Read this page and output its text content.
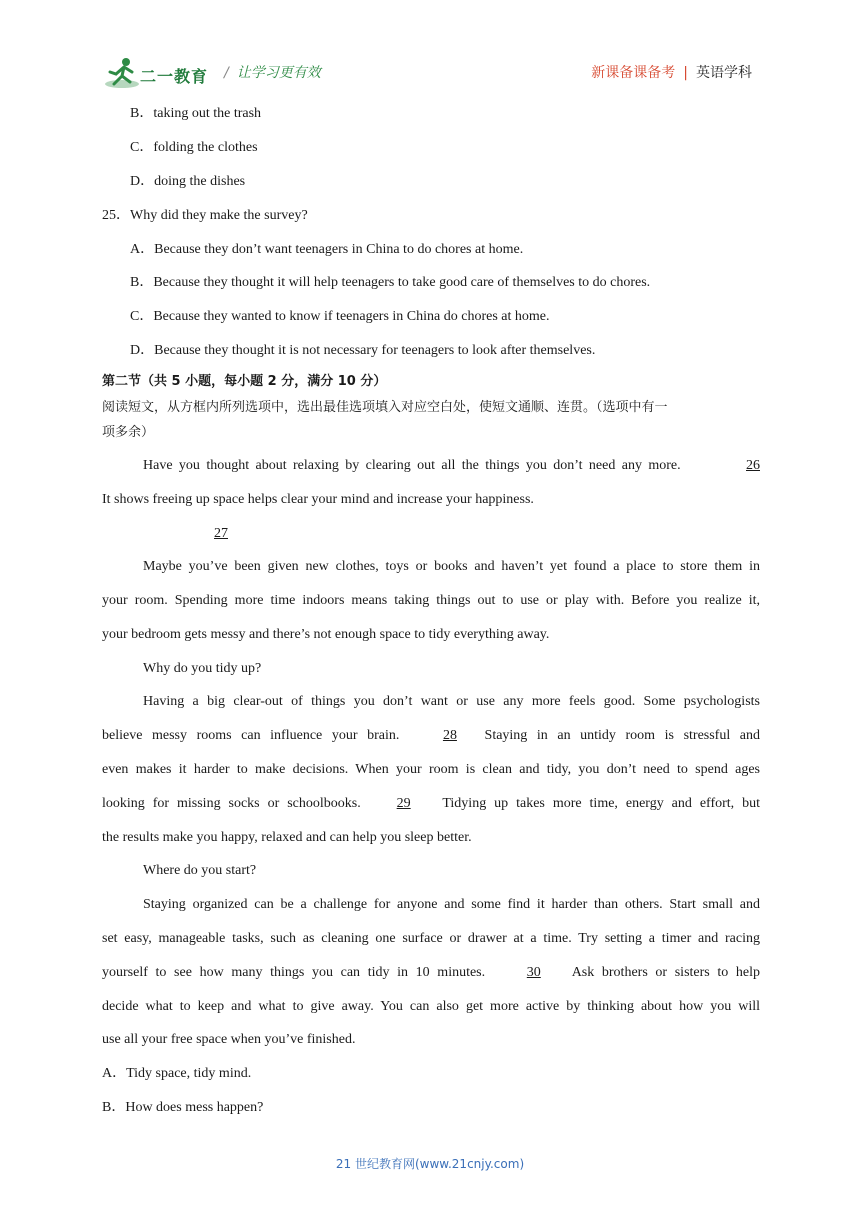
二一教育 / 让学习更有效	新课备课备考 | 英语学科
B．taking out the trash
C．folding the clothes
D．doing the dishes
25．Why did they make the survey?
A．Because they don’t want teenagers in China to do chores at home.
B．Because they thought it will help teenagers to take good care of themselves to do chores.
C．Because they wanted to know if teenagers in China do chores at home.
D．Because they thought it is not necessary for teenagers to look after themselves.
第二节（共 5 小题，每小题 2 分，满分 10 分）
阅读短文，从方框内所列选项中，选出最佳选项填入对应空白处，使短文通顺、连贯。（选项中有一
项多余）
Have you thought about relaxing by clearing out all the things you don’t need any more.	26
It shows freeing up space helps clear your mind and increase your happiness.
27
Maybe you’ve been given new clothes, toys or books and haven’t yet found a place to store them in
your room. Spending more time indoors means taking things out to use or play with. Before you realize it,
your bedroom gets messy and there’s not enough space to tidy everything away.
Why do you tidy up?
Having a big clear-out of things you don’t want or use any more feels good. Some psychologists
believe messy rooms can influence your brain.	28 Staying in an untidy room is stressful and
even makes it harder to make decisions. When your room is clean and tidy, you don’t need to spend ages
looking for missing socks or schoolbooks.	29 Tidying up takes more time, energy and effort, but
the results make you happy, relaxed and can help you sleep better.
Where do you start?
Staying organized can be a challenge for anyone and some find it harder than others. Start small and
set easy, manageable tasks, such as cleaning one surface or drawer at a time. Try setting a timer and racing
yourself to see how many things you can tidy in 10 minutes.	30 Ask brothers or sisters to help
decide what to keep and what to give away. You can also get more active by thinking about how you will
use all your free space when you’ve finished.
A．Tidy space, tidy mind.
B．How does mess happen?
21 世纪教育网(www.21cnjy.com)
